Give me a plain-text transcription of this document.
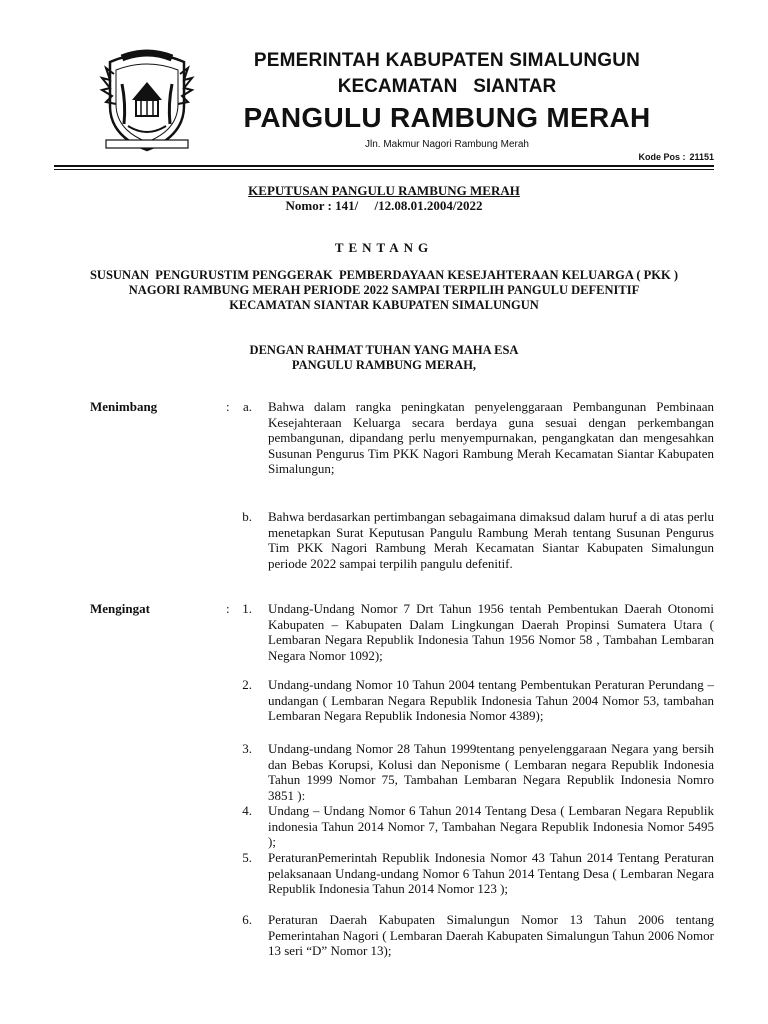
PEMERINTAH KABUPATEN SIMALUNGUN
KECAMATAN   SIANTAR
PANGULU RAMBUNG MERAH
Jln. Makmur Nagori Rambung Merah
Kode Pos : 21151
KEPUTUSAN PANGULU RAMBUNG MERAH
Nomor : 141/     /12.08.01.2004/2022
TENTANG
SUSUNAN  PENGURUSTIM PENGGERAK  PEMBERDAYAAN KESEJAHTERAAN KELUARGA ( PKK )
NAGORI RAMBUNG MERAH PERIODE 2022 SAMPAI TERPILIH PANGULU DEFENITIF
KECAMATAN SIANTAR KABUPATEN SIMALUNGUN
DENGAN RAHMAT TUHAN YANG MAHA ESA
PANGULU RAMBUNG MERAH,
Menimbang	:	a. Bahwa dalam rangka peningkatan penyelenggaraan Pembangunan Pembinaan Kesejahteraan Keluarga secara berdaya guna sesuai dengan perkembangan pembangunan, dipandang perlu menyempurnakan, pengangkatan dan mengesahkan Susunan Pengurus Tim PKK Nagori Rambung Merah Kecamatan Siantar Kabupaten Simalungun;
b. Bahwa berdasarkan pertimbangan sebagaimana dimaksud dalam huruf a di atas perlu menetapkan Surat Keputusan Pangulu Rambung Merah tentang Susunan Pengurus Tim PKK Nagori Rambung Merah Kecamatan Siantar Kabupaten Simalungun periode 2022 sampai terpilih pangulu defenitif.
Mengingat	: 1. Undang-Undang Nomor 7 Drt Tahun 1956 tentah Pembentukan Daerah Otonomi Kabupaten – Kabupaten Dalam Lingkungan Daerah Propinsi Sumatera Utara ( Lembaran Negara Republik Indonesia Tahun 1956 Nomor 58 , Tambahan Lembaran Negara Nomor 1092);
2. Undang-undang Nomor 10 Tahun 2004 tentang Pembentukan Peraturan Perundang – undangan ( Lembaran Negara Republik Indonesia Tahun 2004 Nomor 53, tambahan Lembaran Negara Republik Indonesia Nomor 4389);
3. Undang-undang Nomor 28 Tahun 1999tentang penyelenggaraan Negara yang bersih dan Bebas Korupsi, Kolusi dan Neponisme ( Lembaran negara Republik Indonesia Tahun 1999 Nomor 75, Tambahan Lembaran Negara Republik Indonesia Nomro 3851 ):
4. Undang – Undang Nomor 6 Tahun 2014 Tentang Desa ( Lembaran Negara Republik indonesia Tahun 2014 Nomor 7, Tambahan Negara Republik Indonesia Nomor 5495 );
5. PeraturanPemerintah Republik Indonesia Nomor 43 Tahun 2014 Tentang Peraturan pelaksanaan Undang-undang Nomor 6 Tahun 2014 Tentang Desa ( Lembaran Negara Republik Indonesia Tahun 2014 Nomor 123 );
6. Peraturan Daerah Kabupaten Simalungun Nomor 13 Tahun 2006 tentang Pemerintahan Nagori ( Lembaran Daerah Kabupaten Simalungun Tahun 2006 Nomor 13 seri “D” Nomor 13);
